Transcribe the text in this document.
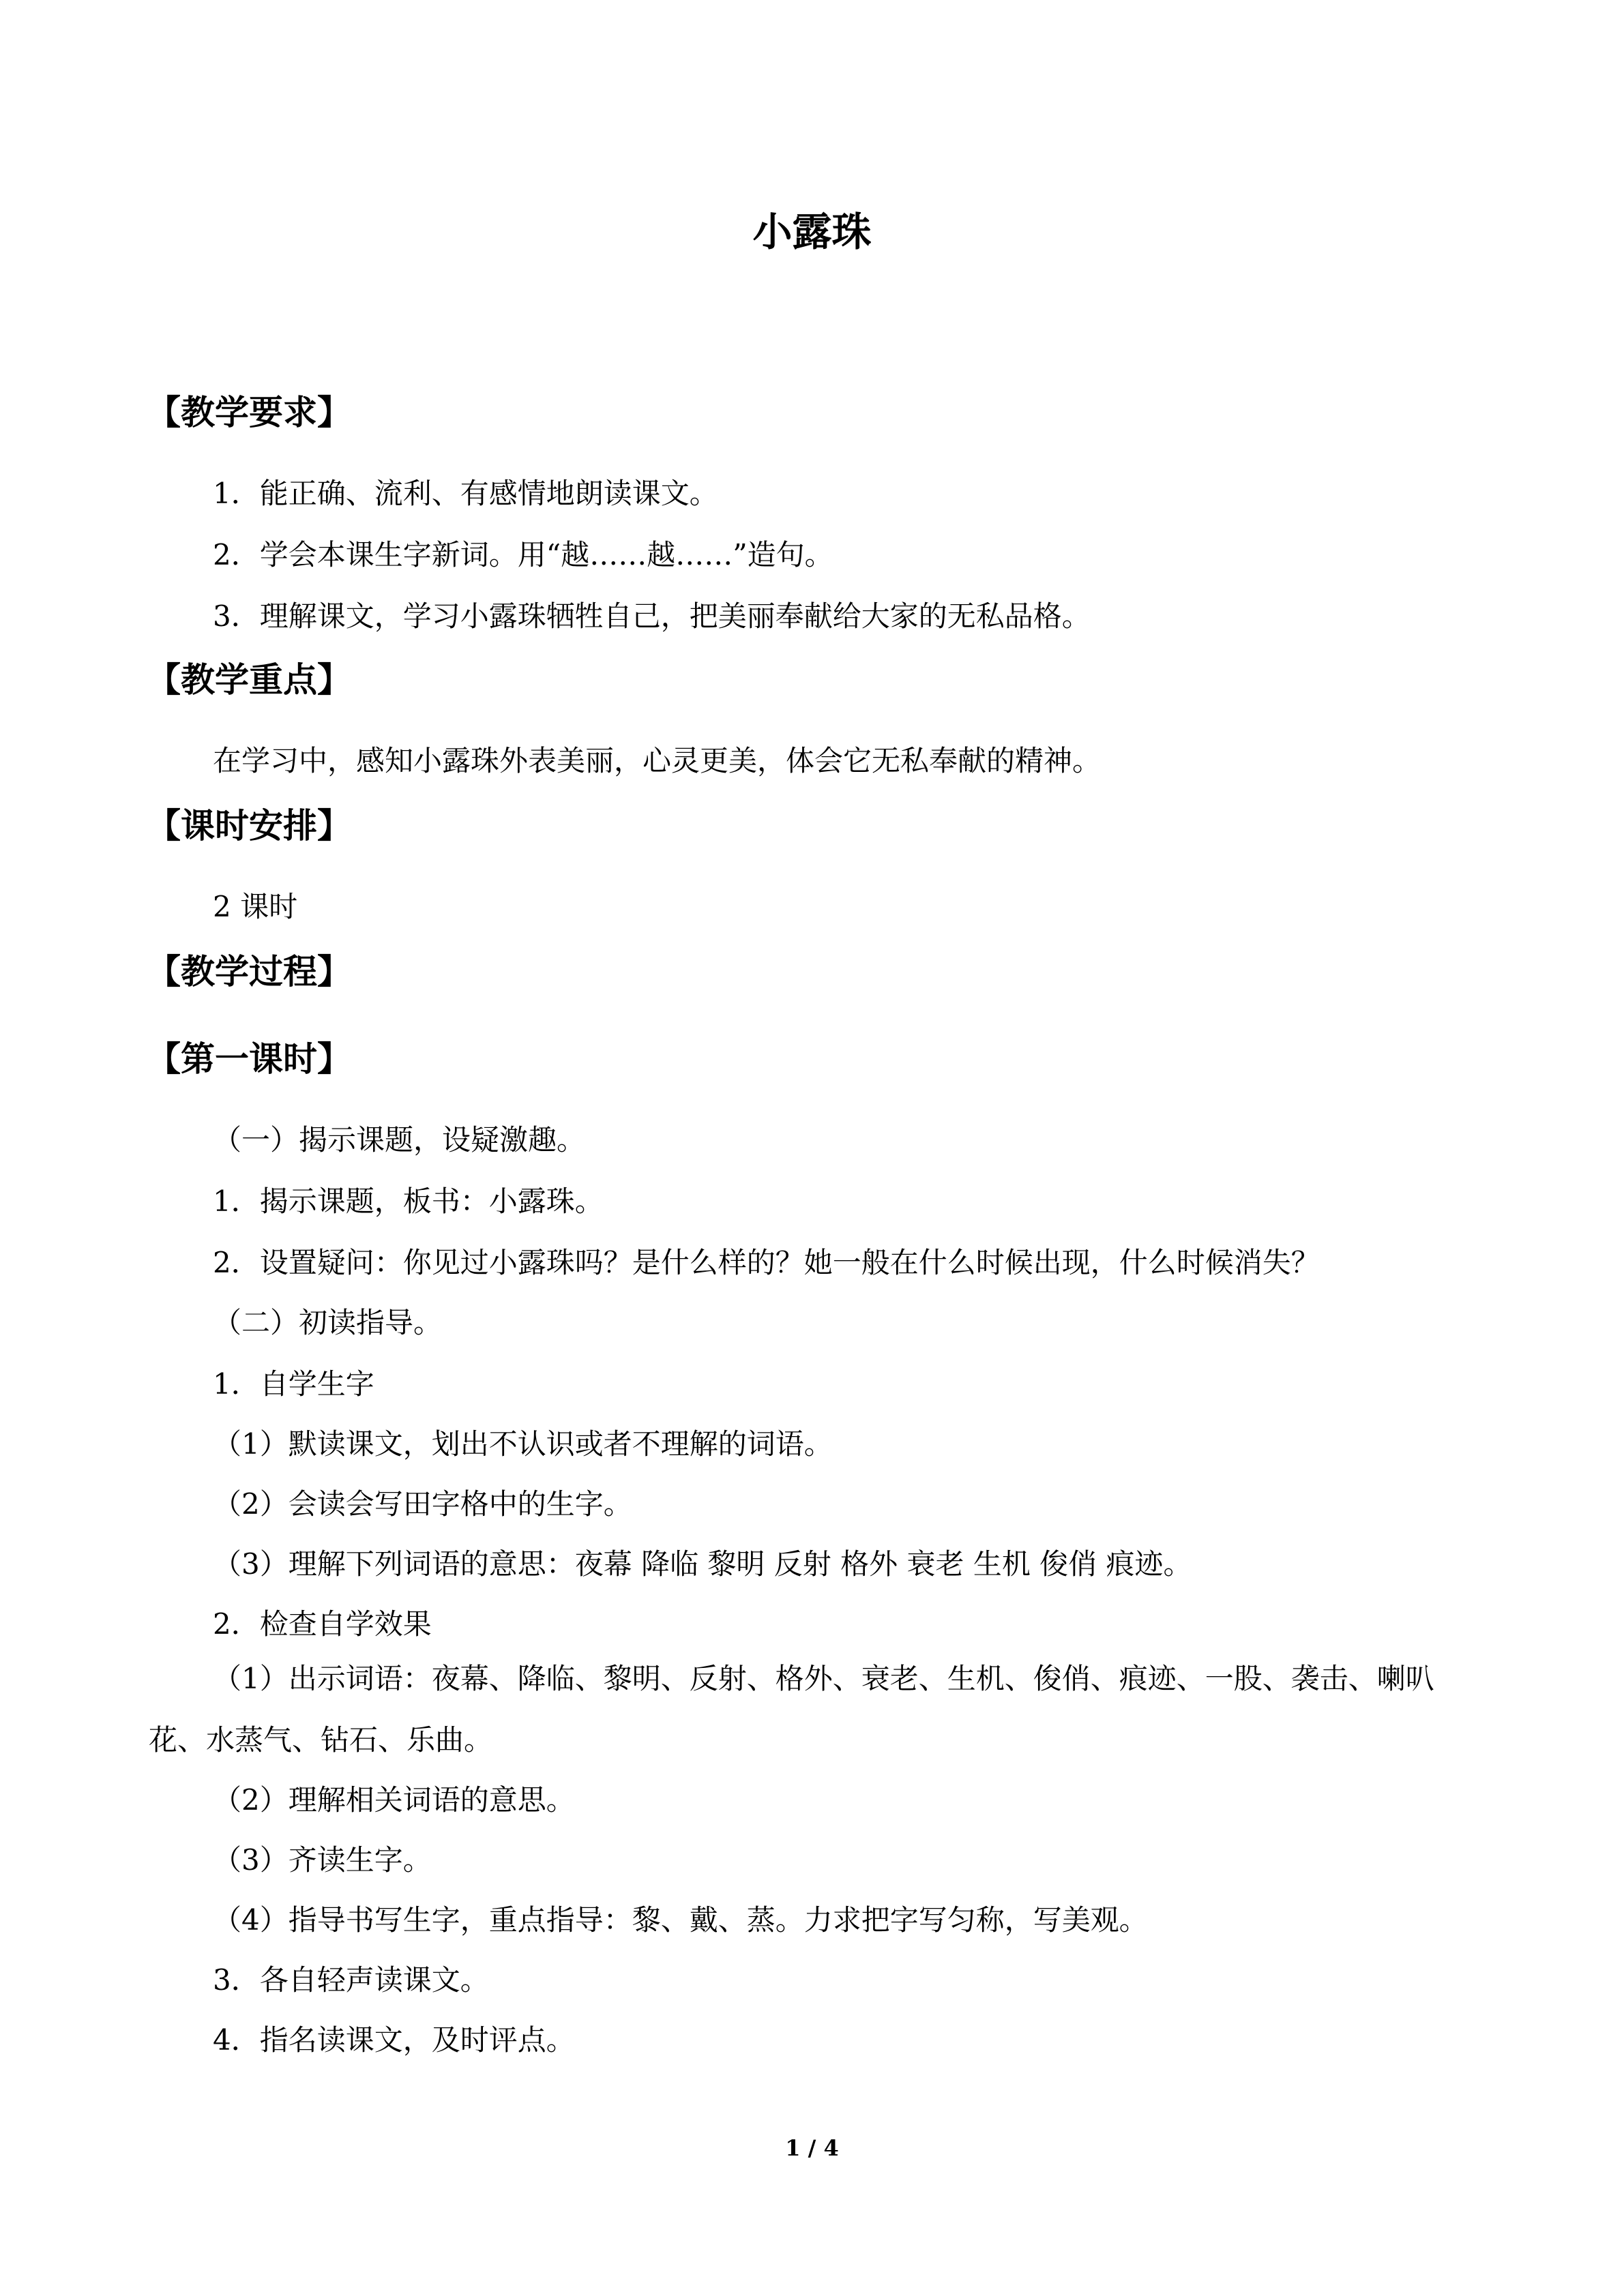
小露珠
【教学要求】

1．能正确、流利、有感情地朗读课文。

2．学会本课生字新词。用“越……越……”造句。

3．理解课文，学习小露珠牺牲自己，把美丽奉献给大家的无私品格。

【教学重点】

在学习中，感知小露珠外表美丽，心灵更美，体会它无私奉献的精神。

【课时安排】

2 课时

【教学过程】
【第一课时】

（一）揭示课题，设疑激趣。

1．揭示课题，板书：小露珠。

2．设置疑问：你见过小露珠吗？是什么样的？她一般在什么时候出现，什么时候消失？

（二）初读指导。

1．自学生字

（1）默读课文，划出不认识或者不理解的词语。

（2）会读会写田字格中的生字。

（3）理解下列词语的意思：夜幕 降临 黎明 反射 格外 衰老 生机 俊俏 痕迹。

2．检查自学效果

（1）出示词语：夜幕、降临、黎明、反射、格外、衰老、生机、俊俏、痕迹、一股、袭击、喇叭花、水蒸气、钻石、乐曲。

（2）理解相关词语的意思。

（3）齐读生字。

（4）指导书写生字，重点指导：黎、戴、蒸。力求把字写匀称，写美观。

3．各自轻声读课文。

4．指名读课文，及时评点。

1 / 4
